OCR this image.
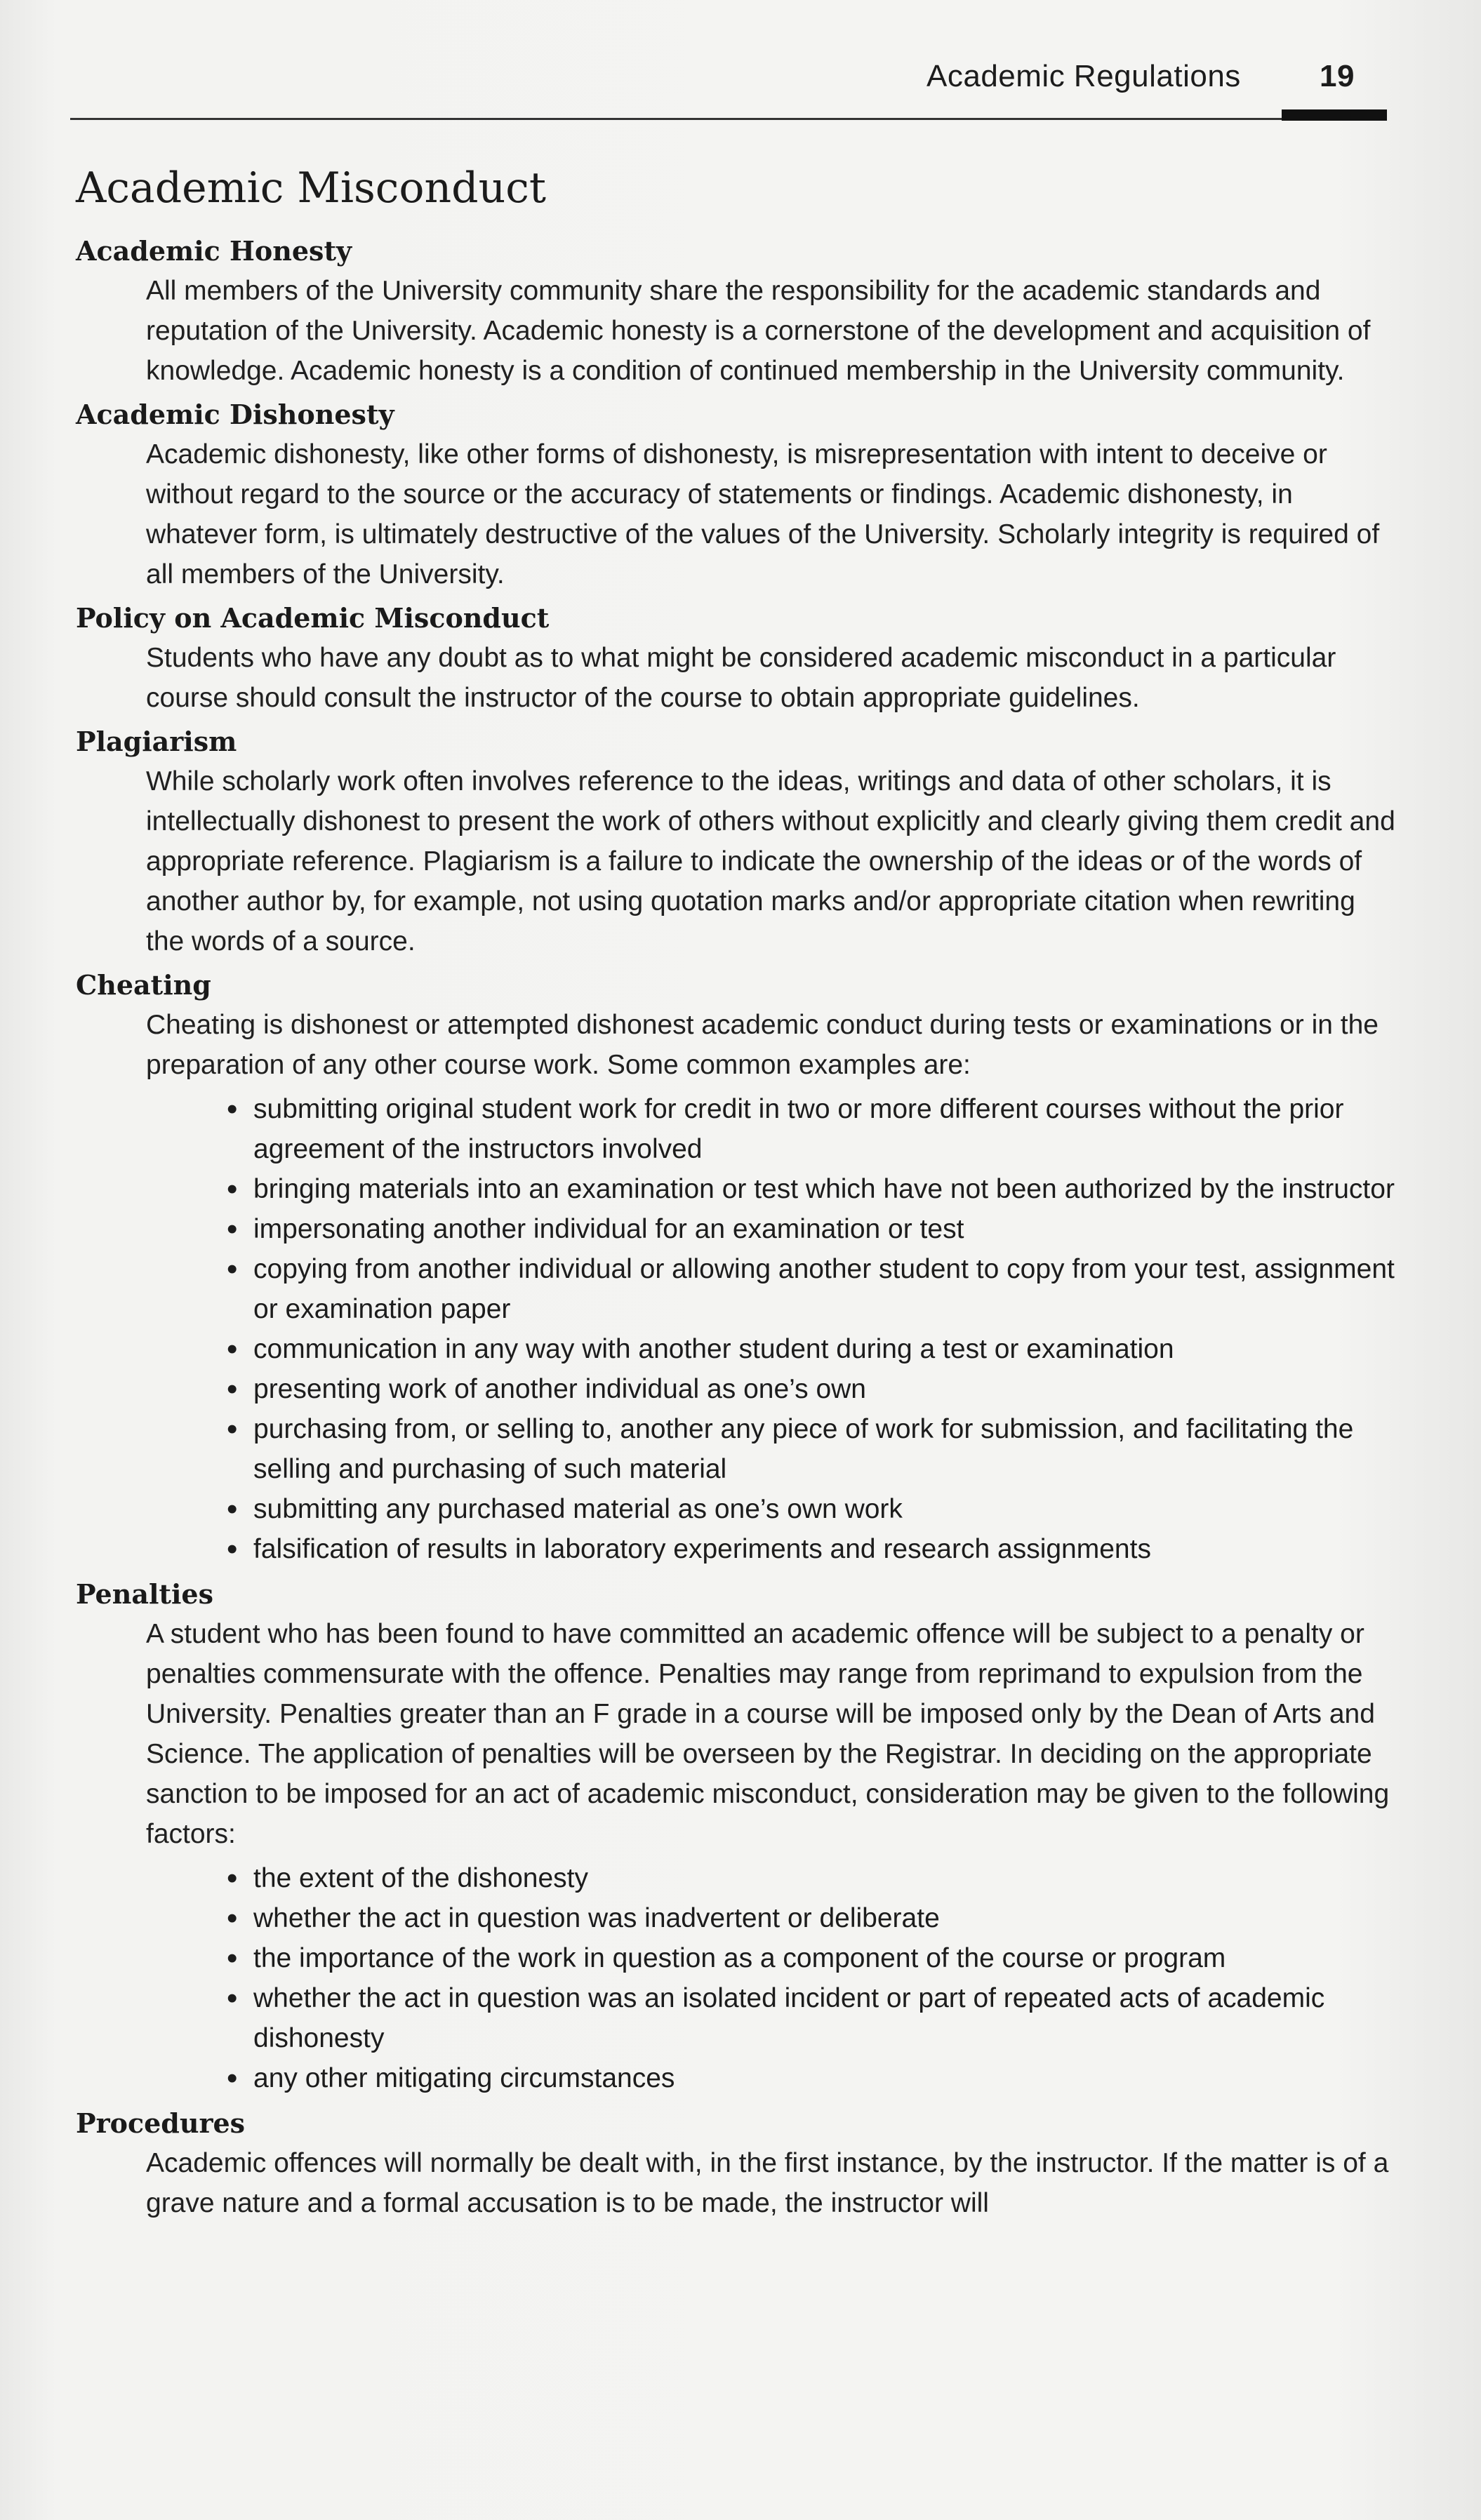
Academic Regulations	19
Academic Misconduct
Academic Honesty

All members of the University community share the responsibility for the academic standards and reputation of the University. Academic honesty is a cornerstone of the development and acquisition of knowledge. Academic honesty is a condition of continued membership in the University community.

Academic Dishonesty

Academic dishonesty, like other forms of dishonesty, is misrepresentation with intent to deceive or without regard to the source or the accuracy of statements or findings. Academic dishonesty, in whatever form, is ultimately destructive of the values of the University. Scholarly integrity is required of all members of the University.

Policy on Academic Misconduct

Students who have any doubt as to what might be considered academic misconduct in a particular course should consult the instructor of the course to obtain appropriate guidelines.

Plagiarism

While scholarly work often involves reference to the ideas, writings and data of other scholars, it is intellectually dishonest to present the work of others without explicitly and clearly giving them credit and appropriate reference. Plagiarism is a failure to indicate the ownership of the ideas or of the words of another author by, for example, not using quotation marks and/or appropriate citation when rewriting the words of a source.

Cheating

Cheating is dishonest or attempted dishonest academic conduct during tests or examinations or in the preparation of any other course work. Some common examples are:

• submitting original student work for credit in two or more different courses without the prior agreement of the instructors involved
• bringing materials into an examination or test which have not been authorized by the instructor
• impersonating another individual for an examination or test
• copying from another individual or allowing another student to copy from your test, assignment or examination paper
• communication in any way with another student during a test or examination
• presenting work of another individual as one’s own
• purchasing from, or selling to, another any piece of work for submission, and facilitating the selling and purchasing of such material
• submitting any purchased material as one’s own work
• falsification of results in laboratory experiments and research assignments
Penalties

A student who has been found to have committed an academic offence will be subject to a penalty or penalties commensurate with the offence. Penalties may range from reprimand to expulsion from the University. Penalties greater than an F grade in a course will be imposed only by the Dean of Arts and Science. The application of penalties will be overseen by the Registrar. In deciding on the appropriate sanction to be imposed for an act of academic misconduct, consideration may be given to the following factors:

• the extent of the dishonesty
• whether the act in question was inadvertent or deliberate
• the importance of the work in question as a component of the course or program
• whether the act in question was an isolated incident or part of repeated acts of academic dishonesty
• any other mitigating circumstances
Procedures

Academic offences will normally be dealt with, in the first instance, by the instructor. If the matter is of a grave nature and a formal accusation is to be made, the instructor will
